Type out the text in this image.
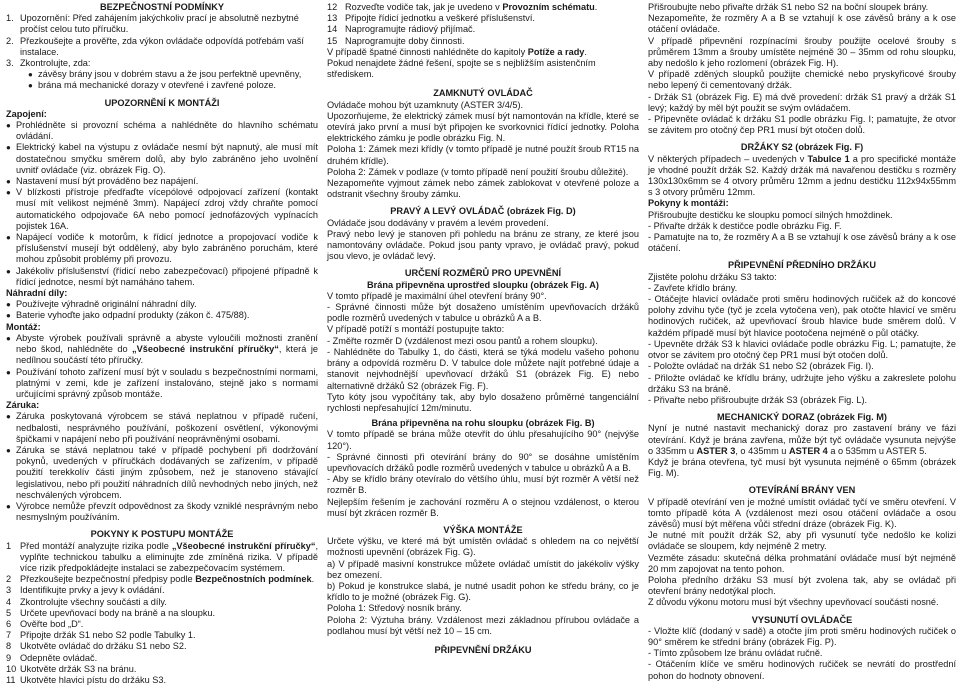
BEZPEČNOSTNÍ PODMÍNKY

1. Upozornění: Před zahájením jakýchkoliv prací je absolutně nezbytné pročíst celou tuto příručku.
2. Přezkoušejte a prověřte, zda výkon ovládače odpovídá potřebám vaší instalace.
3. Zkontrolujte, zda:
● závěsy brány jsou v dobrém stavu a že jsou perfektně upevněny,
● brána má mechanické dorazy v otevřené i zavřené poloze.

UPOZORNĚNÍ K MONTÁŽI

Zapojení:

● Prohlédněte si provozní schéma a nahlédněte do hlavního schématu ovládání.
● Elektrický kabel na výstupu z ovládače nesmí být napnutý, ale musí mít dostatečnou smyčku směrem dolů, aby bylo zabráněno jeho uvolnění uvnitř ovládače (viz. obrázek Fig. O).
● Nastavení musí být prováděno bez napájení.
● V blízkosti přístroje předřaďte vícepólové odpojovací zařízení (kontakt musí mít velikost nejméně 3mm). Napájecí zdroj vždy chraňte pomocí automatického odpojovače 6A nebo pomocí jednofázových vypínacích pojistek 16A.
● Napájecí vodiče k motorům, k řídicí jednotce a propojovací vodiče k příslušenství musejí být oddělený, aby bylo zabráněno poruchám, které mohou způsobit problémy při provozu.
● Jakékoliv příslušenství (řídicí nebo zabezpečovací) připojené případně k řídicí jednotce, nesmí být namáháno tahem.

Náhradní díly:

● Používejte výhradně originální náhradní díly.
● Baterie vyhoďte jako odpadní produkty (zákon č. 475/88).

Montáž:

● Abyste výrobek používali správně a abyste vyloučili možnosti zranění nebo škod, nahlédněte do „Všeobecné instrukční příručky“, která je nedílnou součástí této příručky.
● Používání tohoto zařízení musí být v souladu s bezpečnostními normami, platnými v zemi, kde je zařízení instalováno, stejně jako s normami určujícími správný způsob montáže.

Záruka:

● Záruka poskytovaná výrobcem se stává neplatnou v případě ručení, nedbalosti, nesprávného používání, poškození osvětlení, výkonovými špičkami v napájení nebo při používání neoprávněnými osobami.
● Záruka se stává neplatnou také v případě pochybení při dodržování pokynů, uvedených v příručkách dodávaných se zařízením, v případě použití terekkolív části jiným způsobem, než je stanoveno stávající legislativou, nebo při použití náhradních dílů nevhodných nebo jiných, než neschválených výrobcem.
● Výrobce nemůže převzít odpovědnost za škody vzniklé nesprávným nebo nesmyslným používáním.

POKYNY K POSTUPU MONTÁŽE

1 Před montáží analyzujte rizika podle „Všeobecné instrukční příručky“, vyplňte technickou tabulku a eliminujte zde zmíněná rizika. V případě více rizik předpokládejte instalaci se zabezpečovacím systémem.
2 Přezkoušejte bezpečnostní předpisy podle Bezpečnostních podmínek.
3 Identifikujte prvky a jevy k ovládání.
4 Zkontrolujte všechny součásti a díly.
5 Určete upevňovací body na bráně a na sloupku.
6 Ověřte bod „D“.
7 Připojte držák S1 nebo S2 podle Tabulky 1.
8 Ukotvěte ovládač do držáku S1 nebo S2.
9 Odepněte ovládač.
10 Ukotvěte držák S3 na bránu.
11 Ukotvěte hlavici pístu do držáku S3.
12 Rozveďte vodiče tak, jak je uvedeno v Provozním schématu.
13 Připojte řídicí jednotku a veškeré příslušenství.
14 Naprogramujte rádiový přijímač.
15 Naprogramujte doby činnosti.

V případě špatné činnosti nahlédněte do kapitoly Potíže a rady.

Pokud nenajdete žádné řešení, spojte se s nejbližším asistenčním střediskem.

ZAMKNUTÝ OVLÁDAČ

Ovládače mohou být uzamknuty (ASTER 3/4/5).

Upozorňujeme, že elektrický zámek musí být namontován na křídle, které se otevírá jako první a musí být připojen ke svorkovnici řídící jednotky. Poloha elektrického zámku je podle obrázku Fig. N.

Poloha 1: Zámek mezi křídly (v tomto případě je nutné použít šroub RT15 na druhém křídle).

Poloha 2: Zámek v podlaze (v tomto případě není použití šroubu důležité).

Nezapomeňte vyjmout zámek nebo zámek zablokovat v otevřené poloze a odstranit všechny šrouby zámku.

PRAVÝ A LEVÝ OVLÁDAČ (obrázek Fig. D)

Ovládače jsou dodávány v pravém a levém provedení.

Pravý nebo levý je stanoven při pohledu na bránu ze strany, ze které jsou namontovány ovládače. Pokud jsou panty vpravo, je ovládač pravý, pokud jsou vlevo, je ovládač levý.

URČENÍ ROZMĚRŮ PRO UPEVNĚNÍ

Brána připevněna uprostřed sloupku (obrázek Fig. A)

V tomto případě je maximální úhel otevření brány 90°.

- Správné činnosti může být dosaženo umístěním upevňovacích držáků podle rozměrů uvedených v tabulce u obrázků A a B.

V případě potíží s montáží postupujte takto:

- Změřte rozměr D (vzdálenost mezi osou pantů a rohem sloupku).

- Nahlédněte do Tabulky 1, do části, která se týká modelu vašeho pohonu brány a odpovídá rozměru D. V tabulce dole můžete najít potřebné údaje a stanovit nejvhodnější upevňovací držáků S1 (obrázek Fig. E) nebo alternativně držáků S2 (obrázek Fig. F).

Tyto kóty jsou vypočítány tak, aby bylo dosaženo průměrné tangenciální rychlosti nepřesahující 12m/minutu.

Brána připevněna na rohu sloupku (obrázek Fig. B)

V tomto případě se brána může otevřít do úhlu přesahujícího 90° (nejvýše 120°).

- Správné činnosti při otevírání brány do 90° se dosáhne umístěním upevňovacích držáků podle rozměrů uvedených v tabulce u obrázků A a B.

- Aby se křídlo brány otevíralo do většího úhlu, musí být rozměr A větší než rozměr B.

Nejlepším řešením je zachování rozměru A o stejnou vzdálenost, o kterou musí být zkrácen rozměr B.

VÝŠKA MONTÁŽE

Určete výšku, ve které má být umístěn ovládač s ohledem na co největší možnosti upevnění (obrázek Fig. G).

a) V případě masivní konstrukce můžete ovládač umístit do jakékoliv výšky bez omezení.

b) Pokud je konstrukce slabá, je nutné usadit pohon ke středu brány, co je křídlo to je možné (obrázek Fig. G).

Poloha 1: Středový nosník brány.

Poloha 2: Výztuha brány. Vzdálenost mezi základnou přírubou ovládače a podlahou musí být větší než 10 – 15 cm.

PŘIPEVNĚNÍ DRŽÁKU

Přišroubujte nebo přivařte držák S1 nebo S2 na boční sloupek brány.

Nezapomeňte, že rozměry A a B se vztahují k ose závěsů brány a k ose otáčení ovládače.

V případě připevnění rozpínacími šrouby použijte ocelové šrouby s průměrem 13mm a šrouby umístěte nejméně 30 – 35mm od rohu sloupku, aby nedošlo k jeho rozlomení (obrázek Fig. H).

V případě zděných sloupků použijte chemické nebo pryskyřicové šrouby nebo lepený či cementovaný držák.

- Držák S1 (obrázek Fig. E) má dvě provedení: držák S1 pravý a držák S1 levý; každý by měl být použit se svým ovládačem.

- Připevněte ovládač k držáku S1 podle obrázku Fig. I; pamatujte, že otvor se závitem pro otočný čep PR1 musí být otočen dolů.

DRŽÁKY S2 (obrázek Fig. F)

V některých případech – uvedených v Tabulce 1 a pro specifické montáže je vhodné použít držák S2. Každý držák má navařenou destičku s rozměry 130x130x6mm se 4 otvory průměru 12mm a jednu destičku 112x94x55mm s 3 otvory průměru 12mm.

Pokyny k montáži:

Přišroubujte destičku ke sloupku pomocí silných hmoždinek.

- Přivařte držák k destičce podle obrázku Fig. F.

- Pamatujte na to, že rozměry A a B se vztahují k ose závěsů brány a k ose otáčení.

PŘIPEVNĚNÍ PŘEDNÍHO DRŽÁKU

Zjistěte polohu držáku S3 takto:

- Zavřete křídlo brány.

- Otáčejte hlavicí ovládače proti směru hodinových ručiček až do koncové polohy zdvihu tyče (tyč je zcela vytočena ven), pak otočte hlavicí ve směru hodinových ručiček, až upevňovací šroub hlavice bude směrem dolů. V každém případě musí být hlavice pootočena nejméně o půl otáčky.

- Upevněte držák S3 k hlavici ovládače podle obrázku Fig. L; pamatujte, že otvor se závitem pro otočný čep PR1 musí být otočen dolů.

- Položte ovládač na držák S1 nebo S2 (obrázek Fig. I).

- Přiložte ovládač ke křídlu brány, udržujte jeho výšku a zakreslete polohu držáku S3 na bráně.

- Přivařte nebo přišroubujte držák S3 (obrázek Fig. L).

MECHANICKÝ DORAZ (obrázek Fig. M)

Nyní je nutné nastavit mechanický doraz pro zastavení brány ve fázi otevírání. Když je brána zavřena, může být tyč ovládače vysunuta nejvýše o 335mm u ASTER 3, o 435mm u ASTER 4 a o 535mm u ASTER 5.

Když je brána otevřena, tyč musí být vysunuta nejméně o 65mm (obrázek Fig. M).

OTEVÍRÁNÍ BRÁNY VEN

V případě otevírání ven je možné umístit ovládač tyčí ve směru otevření. V tomto případě kóta A (vzdálenost mezi osou otáčení ovládače a osou závěsů) musí být měřena vůči střední dráze (obrázek Fig. K).

Je nutné mít použít držák S2, aby při vysunutí tyče nedošlo ke kolizi ovládače se sloupem, kdy nejméně 2 metry.

Vezměte zásadu: skutečná délka prohmatání ovládače musí být nejméně 20 mm zapojovat na tento pohon.

Poloha předního držáku S3 musí být zvolena tak, aby se ovládač při otevření brány nedotýkal ploch.

Z důvodu výkonu motoru musí být všechny upevňovací součásti nosné.

VYSUNUTÍ OVLÁDAČE

- Vložte klíč (dodaný v sadě) a otočte jím proti směru hodinových ručiček o 90° směrem ke střední brány (obrázek Fig. P).

- Tímto způsobem lze bránu ovládat ručně.

- Otáčením klíče ve směru hodinových ručiček se nevrátí do prostřední pohon do hodnoty obnovení.
